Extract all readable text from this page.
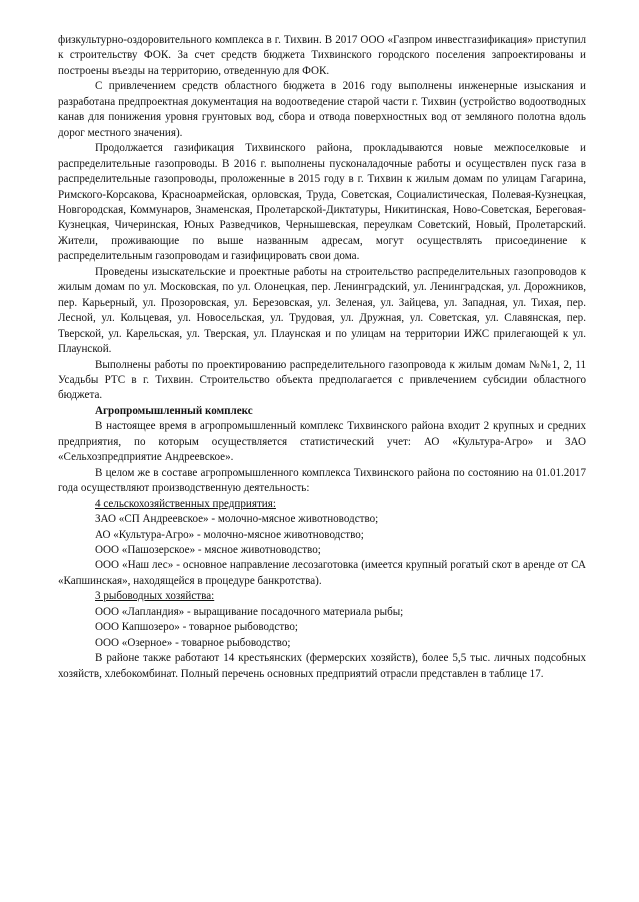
физкультурно-оздоровительного комплекса в г. Тихвин. В 2017 ООО «Газпром инвестгазификация» приступил к строительству ФОК. За счет средств бюджета Тихвинского городского поселения запроектированы и построены въезды на территорию, отведенную для ФОК.

С привлечением средств областного бюджета в 2016 году выполнены инженерные изыскания и разработана предпроектная документация на водоотведение старой части г. Тихвин (устройство водоотводных канав для понижения уровня грунтовых вод, сбора и отвода поверхностных вод от земляного полотна вдоль дорог местного значения).

Продолжается газификация Тихвинского района, прокладываются новые межпоселковые и распределительные газопроводы. В 2016 г. выполнены пусконаладочные работы и осуществлен пуск газа в распределительные газопроводы, проложенные в 2015 году в г. Тихвин к жилым домам по улицам Гагарина, Римского-Корсакова, Красноармейская, орловская, Труда, Советская, Социалистическая, Полевая-Кузнецкая, Новгородская, Коммунаров, Знаменская, Пролетарской-Диктатуры, Никитинская, Ново-Советская, Береговая-Кузнецкая, Чичеринская, Юных Разведчиков, Чернышевская, переулкам Советский, Новый, Пролетарский. Жители, проживающие по выше названным адресам, могут осуществлять присоединение к распределительным газопроводам и газифицировать свои дома.

Проведены изыскательские и проектные работы на строительство распределительных газопроводов к жилым домам по ул. Московская, по ул. Олонецкая, пер. Ленинградский, ул. Ленинградская, ул. Дорожников, пер. Карьерный, ул. Прозоровская, ул. Березовская, ул. Зеленая, ул. Зайцева, ул. Западная, ул. Тихая, пер. Лесной, ул. Кольцевая, ул. Новосельская, ул. Трудовая, ул. Дружная, ул. Советская, ул. Славянская, пер. Тверской, ул. Карельская, ул. Тверская, ул. Плаунская и по улицам на территории ИЖС прилегающей к ул. Плаунской.

Выполнены работы по проектированию распределительного газопровода к жилым домам №№1, 2, 11 Усадьбы РТС в г. Тихвин. Строительство объекта предполагается с привлечением субсидии областного бюджета.

Агропромышленный комплекс

В настоящее время в агропромышленный комплекс Тихвинского района входит 2 крупных и средних предприятия, по которым осуществляется статистический учет: АО «Культура-Агро» и ЗАО «Сельхозпредприятие Андреевское».

В целом же в составе агропромышленного комплекса Тихвинского района по состоянию на 01.01.2017 года осуществляют производственную деятельность:

4 сельскохозяйственных предприятия:

ЗАО «СП Андреевское» - молочно-мясное животноводство;

АО «Культура-Агро» - молочно-мясное животноводство;

ООО «Пашозерское» - мясное животноводство;

ООО «Наш лес» - основное направление лесозаготовка (имеется крупный рогатый скот в аренде от СА «Капшинская», находящейся в процедуре банкротства).

3 рыбоводных хозяйства:

ООО «Лапландия» - выращивание посадочного материала рыбы;

ООО Капшозеро» - товарное рыбоводство;

ООО «Озерное» - товарное рыбоводство;

В районе также работают 14 крестьянских (фермерских хозяйств), более 5,5 тыс. личных подсобных хозяйств, хлебокомбинат. Полный перечень основных предприятий отрасли представлен в таблице 17.
